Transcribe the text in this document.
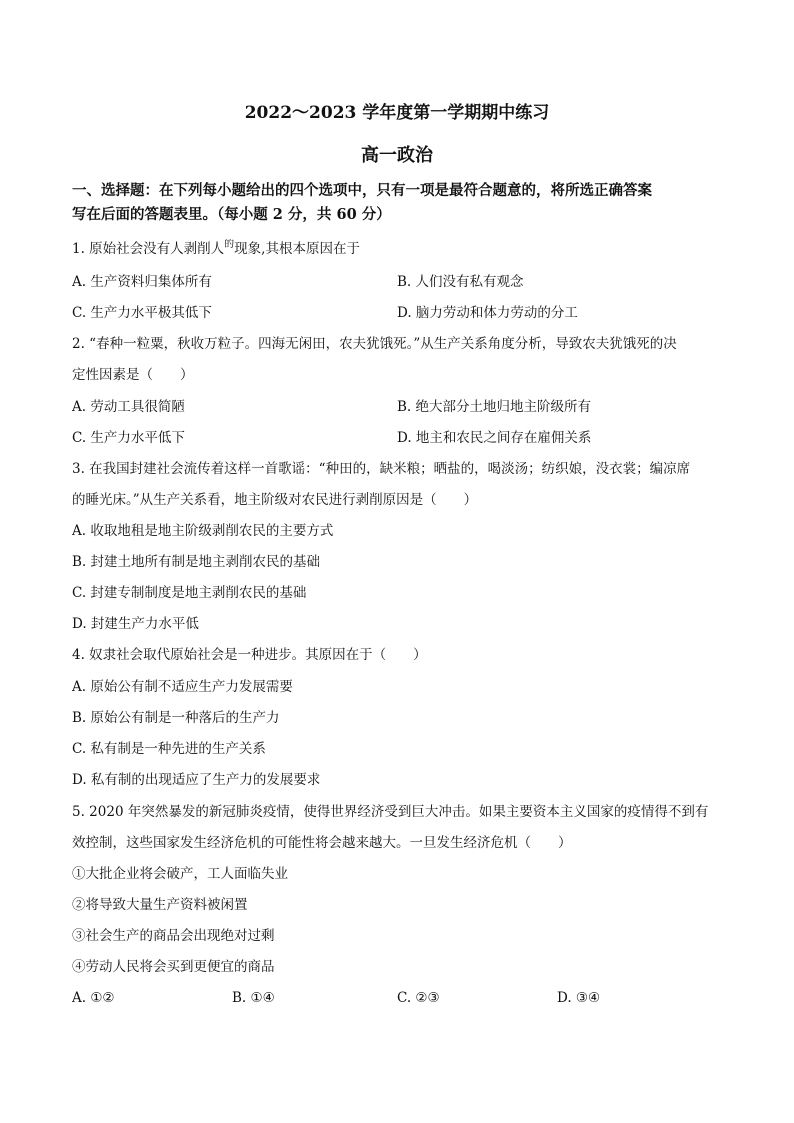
2022～2023 学年度第一学期期中练习
高一政治
一、选择题：在下列每小题给出的四个选项中，只有一项是最符合题意的，将所选正确答案
写在后面的答题表里。（每小题 2 分，共 60 分）
1. 原始社会没有人剥削人$^的$现象,其根本原因在于
A. 生产资料归集体所有	B. 人们没有私有观念
C. 生产力水平极其低下	D. 脑力劳动和体力劳动的分工
2. “春种一粒粟，秋收万粒子。四海无闲田，农夫犹饿死。”从生产关系角度分析，导致农夫犹饿死的决
定性因素是（　　）
A. 劳动工具很简陋	B. 绝大部分土地归地主阶级所有
C. 生产力水平低下	D. 地主和农民之间存在雇佣关系
3. 在我国封建社会流传着这样一首歌谣：“种田的，缺米粮；晒盐的，喝淡汤；纺织娘，没衣裳；编凉席
的睡光床。”从生产关系看，地主阶级对农民进行剥削原因是（　　）
A. 收取地租是地主阶级剥削农民的主要方式
B. 封建土地所有制是地主剥削农民的基础
C. 封建专制制度是地主剥削农民的基础
D. 封建生产力水平低
4. 奴隶社会取代原始社会是一种进步。其原因在于（　　）
A. 原始公有制不适应生产力发展需要
B. 原始公有制是一种落后的生产力
C. 私有制是一种先进的生产关系
D. 私有制的出现适应了生产力的发展要求
5. 2020 年突然暴发的新冠肺炎疫情，使得世界经济受到巨大冲击。如果主要资本主义国家的疫情得不到有
效控制，这些国家发生经济危机的可能性将会越来越大。一旦发生经济危机（　　）
①大批企业将会破产，工人面临失业
②将导致大量生产资料被闲置
③社会生产的商品会出现绝对过剩
④劳动人民将会买到更便宜的商品
A. ①②	B. ①④	C. ②③	D. ③④
